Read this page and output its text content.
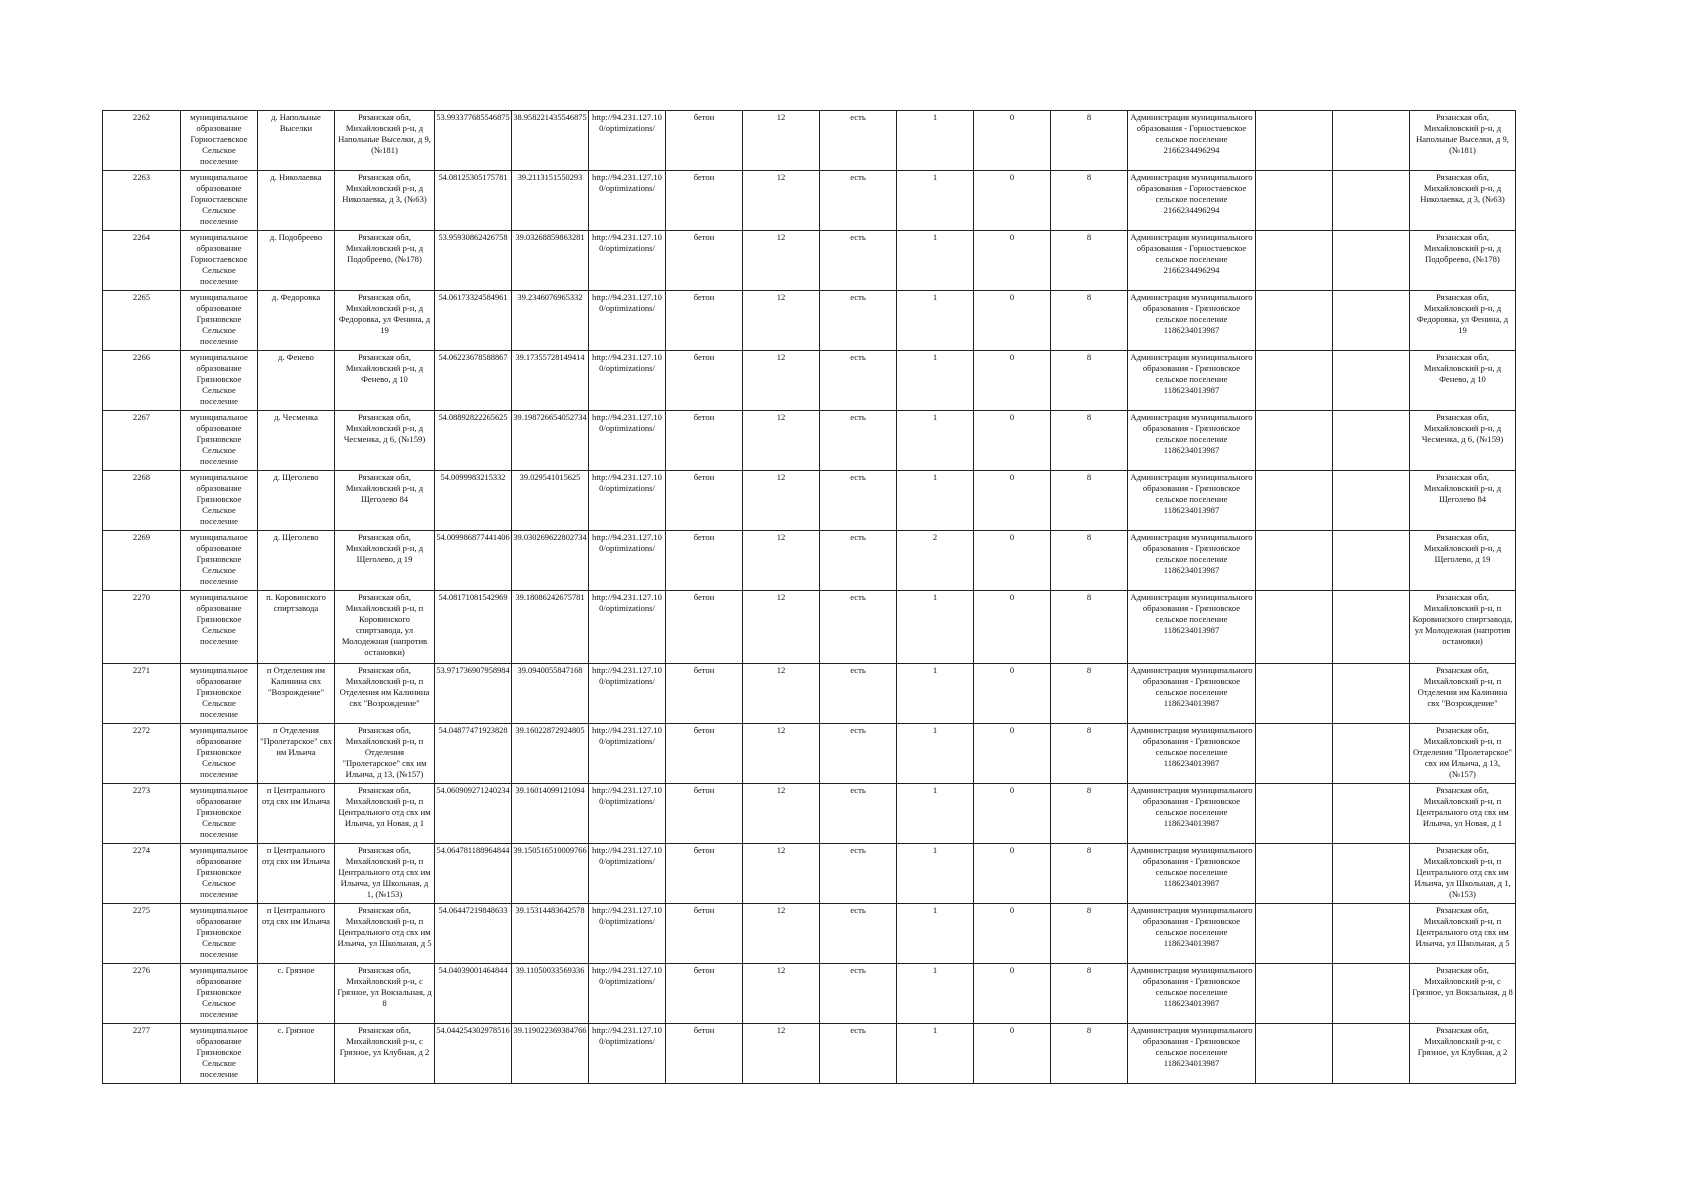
2262	муниципальное образование Горностаевское Сельское поселение	д. Напольные Выселки	Рязанская обл, Михайловский р-н, д Напольные Выселки, д 9, (№181)	53.993377685546875	38.958221435546875	http://94.231.127.100/optimizations/	бетон	12	есть	1	0	8	Администрация муниципального образования - Горностаевское сельское поселение 2166234496294			Рязанская обл, Михайловский р-н, д Напольные Выселки, д 9, (№181)
2263	муниципальное образование Горностаевское Сельское поселение	д. Николаевка	Рязанская обл, Михайловский р-н, д Николаевка, д 3, (№63)	54.08125305175781	39.2113151550293	http://94.231.127.100/optimizations/	бетон	12	есть	1	0	8	Администрация муниципального образования - Горностаевское сельское поселение 2166234496294			Рязанская обл, Михайловский р-н, д Николаевка, д 3, (№63)
2264	муниципальное образование Горностаевское Сельское поселение	д. Подобреево	Рязанская обл, Михайловский р-н, д Подобреево, (№178)	53.95930862426758	39.03268859863281	http://94.231.127.100/optimizations/	бетон	12	есть	1	0	8	Администрация муниципального образования - Горностаевское сельское поселение 2166234496294			Рязанская обл, Михайловский р-н, д Подобреево, (№178)
2265	муниципальное образование Грязновское Сельское поселение	д. Федоровка	Рязанская обл, Михайловский р-н, д Федоровка, ул Фенина, д 19	54.06173324584961	39.2346076965332	http://94.231.127.100/optimizations/	бетон	12	есть	1	0	8	Администрация муниципального образования - Грязновское сельское поселение 1186234013987			Рязанская обл, Михайловский р-н, д Федоровка, ул Фенина, д 19
2266	муниципальное образование Грязновское Сельское поселение	д. Фенево	Рязанская обл, Михайловский р-н, д Фенево, д 10	54.06223678588867	39.17355728149414	http://94.231.127.100/optimizations/	бетон	12	есть	1	0	8	Администрация муниципального образования - Грязновское сельское поселение 1186234013987			Рязанская обл, Михайловский р-н, д Фенево, д 10
2267	муниципальное образование Грязновское Сельское поселение	д. Чесменка	Рязанская обл, Михайловский р-н, д Чесменка, д 6, (№159)	54.08892822265625	39.198726654052734	http://94.231.127.100/optimizations/	бетон	12	есть	1	0	8	Администрация муниципального образования - Грязновское сельское поселение 1186234013987			Рязанская обл, Михайловский р-н, д Чесменка, д 6, (№159)
2268	муниципальное образование Грязновское Сельское поселение	д. Щеголево	Рязанская обл, Михайловский р-н, д Щеголево 84	54.0099983215332	39.029541015625	http://94.231.127.100/optimizations/	бетон	12	есть	1	0	8	Администрация муниципального образования - Грязновское сельское поселение 1186234013987			Рязанская обл, Михайловский р-н, д Щеголево 84
2269	муниципальное образование Грязновское Сельское поселение	д. Щеголево	Рязанская обл, Михайловский р-н, д Щеголево, д 19	54.009986877441406	39.030269622802734	http://94.231.127.100/optimizations/	бетон	12	есть	2	0	8	Администрация муниципального образования - Грязновское сельское поселение 1186234013987			Рязанская обл, Михайловский р-н, д Щеголево, д 19
2270	муниципальное образование Грязновское Сельское поселение	п. Коровинского спиртзавода	Рязанская обл, Михайловский р-н, п Коровинского спиртзавода, ул Молодежная (напротив остановки)	54.08171081542969	39.18086242675781	http://94.231.127.100/optimizations/	бетон	12	есть	1	0	8	Администрация муниципального образования - Грязновское сельское поселение 1186234013987			Рязанская обл, Михайловский р-н, п Коровинского спиртзавода, ул Молодежная (напротив остановки)
2271	муниципальное образование Грязновское Сельское поселение	п Отделения им Калинина свх "Возрождение"	Рязанская обл, Михайловский р-н, п Отделения им Калинина свх "Возрождение"	53.971736907958984	39.0940055847168	http://94.231.127.100/optimizations/	бетон	12	есть	1	0	8	Администрация муниципального образования - Грязновское сельское поселение 1186234013987			Рязанская обл, Михайловский р-н, п Отделения им Калинина свх "Возрождение"
2272	муниципальное образование Грязновское Сельское поселение	п Отделения "Пролетарское" свх им Ильича	Рязанская обл, Михайловский р-н, п Отделения "Пролетарское" свх им Ильича, д 13, (№157)	54.04877471923828	39.16022872924805	http://94.231.127.100/optimizations/	бетон	12	есть	1	0	8	Администрация муниципального образования - Грязновское сельское поселение 1186234013987			Рязанская обл, Михайловский р-н, п Отделения "Пролетарское" свх им Ильича, д 13, (№157)
2273	муниципальное образование Грязновское Сельское поселение	п Центрального отд свх им Ильича	Рязанская обл, Михайловский р-н, п Центрального отд свх им Ильича, ул Новая, д 1	54.060909271240234	39.16014099121094	http://94.231.127.100/optimizations/	бетон	12	есть	1	0	8	Администрация муниципального образования - Грязновское сельское поселение 1186234013987			Рязанская обл, Михайловский р-н, п Центрального отд свх им Ильича, ул Новая, д 1
2274	муниципальное образование Грязновское Сельское поселение	п Центрального отд свх им Ильича	Рязанская обл, Михайловский р-н, п Центрального отд свх им Ильича, ул Школьная, д 1, (№153)	54.064781188964844	39.150516510009766	http://94.231.127.100/optimizations/	бетон	12	есть	1	0	8	Администрация муниципального образования - Грязновское сельское поселение 1186234013987			Рязанская обл, Михайловский р-н, п Центрального отд свх им Ильича, ул Школьная, д 1, (№153)
2275	муниципальное образование Грязновское Сельское поселение	п Центрального отд свх им Ильича	Рязанская обл, Михайловский р-н, п Центрального отд свх им Ильича, ул Школьная, д 5	54.06447219848633	39.15314483642578	http://94.231.127.100/optimizations/	бетон	12	есть	1	0	8	Администрация муниципального образования - Грязновское сельское поселение 1186234013987			Рязанская обл, Михайловский р-н, п Центрального отд свх им Ильича, ул Школьная, д 5
2276	муниципальное образование Грязновское Сельское поселение	с. Грязное	Рязанская обл, Михайловский р-н, с Грязное, ул Вокзальная, д 8	54.04039001464844	39.11050033569336	http://94.231.127.100/optimizations/	бетон	12	есть	1	0	8	Администрация муниципального образования - Грязновское сельское поселение 1186234013987			Рязанская обл, Михайловский р-н, с Грязное, ул Вокзальная, д 8
2277	муниципальное образование Грязновское Сельское поселение	с. Грязное	Рязанская обл, Михайловский р-н, с Грязное, ул Клубная, д 2	54.044254302978516	39.119022369384766	http://94.231.127.100/optimizations/	бетон	12	есть	1	0	8	Администрация муниципального образования - Грязновское сельское поселение 1186234013987			Рязанская обл, Михайловский р-н, с Грязное, ул Клубная, д 2
